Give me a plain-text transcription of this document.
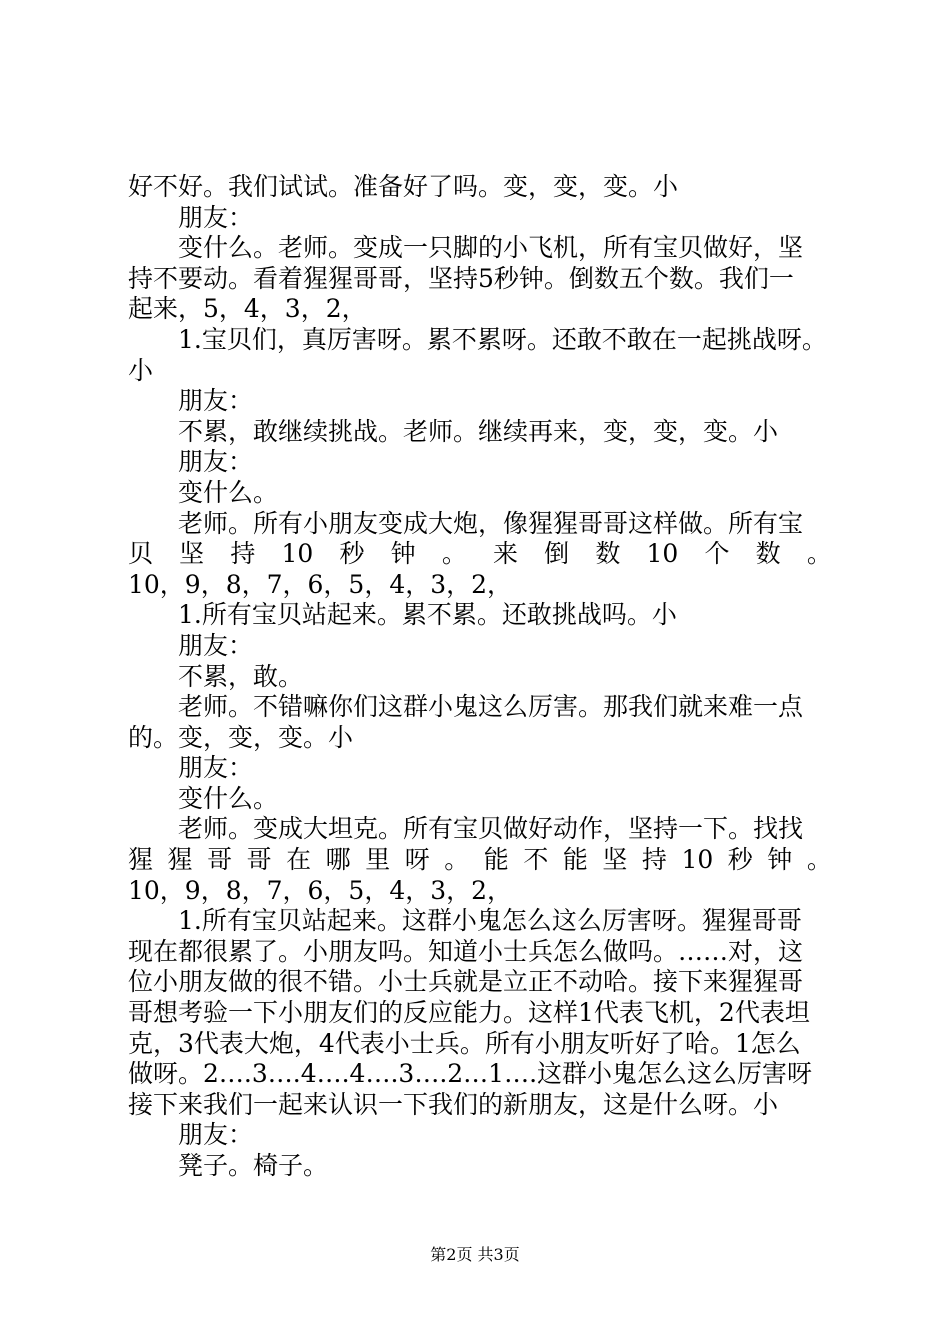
好不好。我们试试。准备好了吗。变，变，变。小

朋友：

变什么。老师。变成一只脚的小飞机，所有宝贝做好，坚

持不要动。看着猩猩哥哥，坚持5秒钟。倒数五个数。我们一

起来，5，4，3，2，

1.宝贝们，真厉害呀。累不累呀。还敢不敢在一起挑战呀。

小

朋友：

不累，敢继续挑战。老师。继续再来，变，变，变。小

朋友：

变什么。

老师。所有小朋友变成大炮，像猩猩哥哥这样做。所有宝

贝 坚 持 10 秒 钟 。 来 倒 数 10 个 数 。

10，9，8，7，6，5，4，3，2，

1.所有宝贝站起来。累不累。还敢挑战吗。小

朋友：

不累，敢。

老师。不错嘛你们这群小鬼这么厉害。那我们就来难一点

的。变，变，变。小

朋友：

变什么。

老师。变成大坦克。所有宝贝做好动作，坚持一下。找找

猩 猩 哥 哥 在 哪 里 呀 。 能 不 能 坚 持 10 秒 钟 。

10，9，8，7，6，5，4，3，2，

1.所有宝贝站起来。这群小鬼怎么这么厉害呀。猩猩哥哥

现在都很累了。小朋友吗。知道小士兵怎么做吗。……对，这

位小朋友做的很不错。小士兵就是立正不动哈。接下来猩猩哥

哥想考验一下小朋友们的反应能力。这样1代表飞机，2代表坦

克，3代表大炮，4代表小士兵。所有小朋友听好了哈。1怎么

做呀。2….3….4….4….3….2…1….这群小鬼怎么这么厉害呀

接下来我们一起来认识一下我们的新朋友，这是什么呀。小

朋友：

凳子。椅子。

第2页 共3页
